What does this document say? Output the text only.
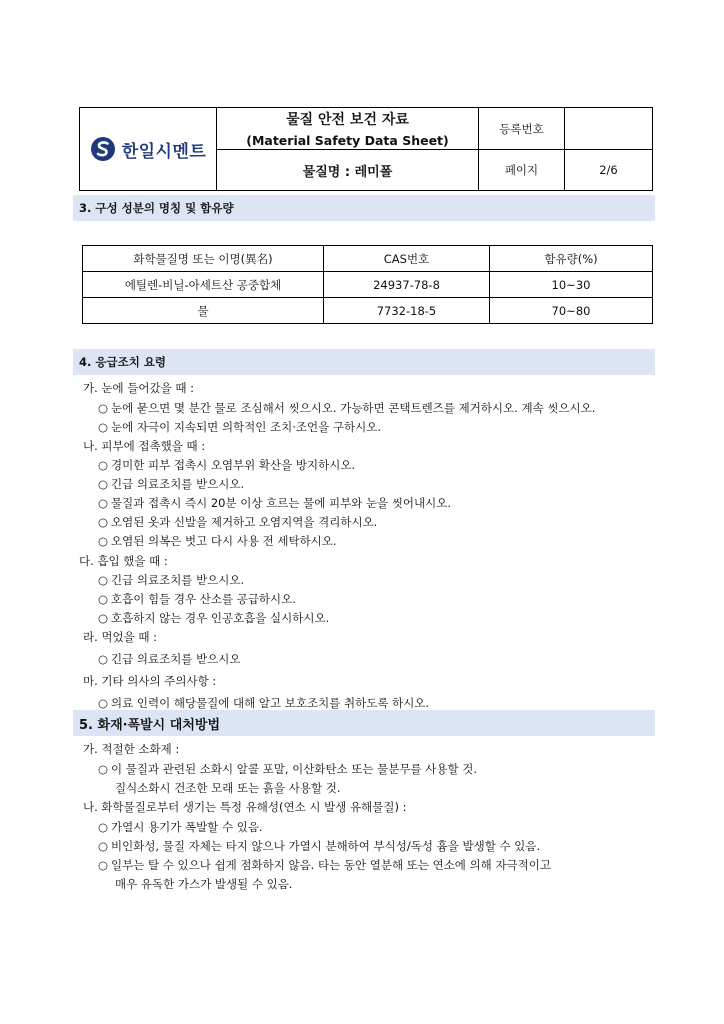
한일시멘트	물질 안전 보건 자료
(Material Safety Data Sheet)	등록번호	
	물질명 : 레미폴	페이지	2/6
3. 구성 성분의 명칭 및 함유량
화학물질명 또는 이명(異名)	CAS번호	함유량(%)
에틸렌-비닐-아세트산 공중합체	24937-78-8	10~30
물	7732-18-5	70~80
4. 응급조치 요령
가. 눈에 들어갔을 때 :
○ 눈에 묻으면 몇 분간 물로 조심해서 씻으시오. 가능하면 콘택트렌즈를 제거하시오. 계속 씻으시오.
○ 눈에 자극이 지속되면 의학적인 조치·조언을 구하시오.
나. 피부에 접촉했을 때 :
○ 경미한 피부 접촉시 오염부위 확산을 방지하시오.
○ 긴급 의료조치를 받으시오.
○ 물질과 접촉시 즉시 20분 이상 흐르는 물에 피부와 눈을 씻어내시오.
○ 오염된 옷과 신발을 제거하고 오염지역을 격리하시오.
○ 오염된 의복은 벗고 다시 사용 전 세탁하시오.
다. 흡입 했을 때 :
○ 긴급 의료조치를 받으시오.
○ 호흡이 힘들 경우 산소를 공급하시오.
○ 호흡하지 않는 경우 인공호흡을 실시하시오.
라. 먹었을 때 :
○ 긴급 의료조치를 받으시오
마. 기타 의사의 주의사항 :
○ 의료 인력이 해당물질에 대해 알고 보호조치를 취하도록 하시오.
5. 화재·폭발시 대처방법
가. 적절한 소화제 :
○ 이 물질과 관련된 소화시 알콜 포말, 이산화탄소 또는 물분무를 사용할 것.
질식소화시 건조한 모래 또는 흙을 사용할 것.
나. 화학물질로부터 생기는 특정 유해성(연소 시 발생 유해물질) :
○ 가열시 용기가 폭발할 수 있음.
○ 비인화성, 물질 자체는 타지 않으나 가열시 분해하여 부식성/독성 흄을 발생할 수 있음.
○ 일부는 탈 수 있으나 쉽게 점화하지 않음. 타는 동안 열분해 또는 연소에 의해 자극적이고
매우 유독한 가스가 발생될 수 있음.
